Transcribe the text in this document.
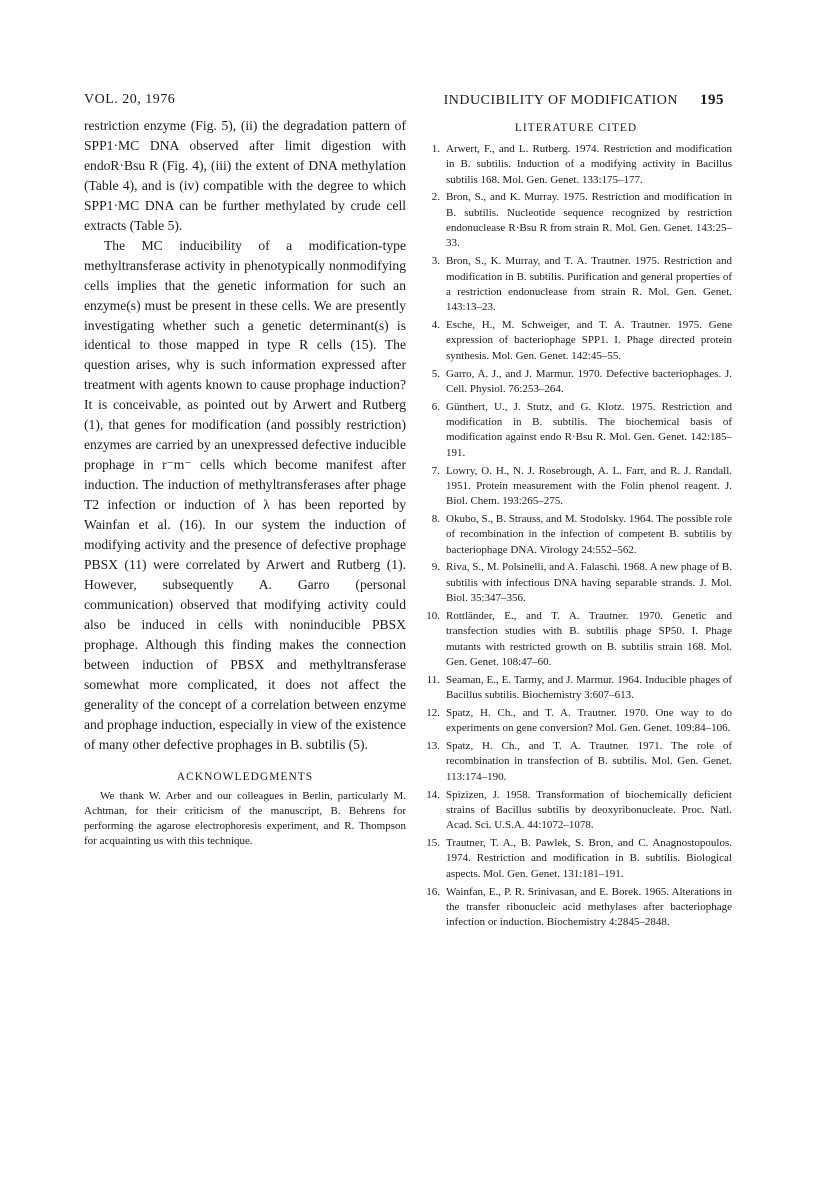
VOL. 20, 1976	INDUCIBILITY OF MODIFICATION 195

restriction enzyme (Fig. 5), (ii) the degradation pattern of SPP1·MC DNA observed after limit digestion with endoR·Bsu R (Fig. 4), (iii) the extent of DNA methylation (Table 4), and is (iv) compatible with the degree to which SPP1·MC DNA can be further methylated by crude cell extracts (Table 5).

The MC inducibility of a modification-type methyltransferase activity in phenotypically nonmodifying cells implies that the genetic information for such an enzyme(s) must be present in these cells. We are presently investigating whether such a genetic determinant(s) is identical to those mapped in type R cells (15). The question arises, why is such information expressed after treatment with agents known to cause prophage induction? It is conceivable, as pointed out by Arwert and Rutberg (1), that genes for modification (and possibly restriction) enzymes are carried by an unexpressed defective inducible prophage in r⁻m⁻ cells which become manifest after induction. The induction of methyltransferases after phage T2 infection or induction of λ has been reported by Wainfan et al. (16). In our system the induction of modifying activity and the presence of defective prophage PBSX (11) were correlated by Arwert and Rutberg (1). However, subsequently A. Garro (personal communication) observed that modifying activity could also be induced in cells with noninducible PBSX prophage. Although this finding makes the connection between induction of PBSX and methyltransferase somewhat more complicated, it does not affect the generality of the concept of a correlation between enzyme and prophage induction, especially in view of the existence of many other defective prophages in B. subtilis (5).

ACKNOWLEDGMENTS

We thank W. Arber and our colleagues in Berlin, particularly M. Achtman, for their criticism of the manuscript, B. Behrens for performing the agarose electrophoresis experiment, and R. Thompson for acquainting us with this technique.

LITERATURE CITED
1. Arwert, F., and L. Rutberg. 1974. Restriction and modification in B. subtilis. Induction of a modifying activity in Bacillus subtilis 168. Mol. Gen. Genet. 133:175–177.
2. Bron, S., and K. Murray. 1975. Restriction and modification in B. subtilis. Nucleotide sequence recognized by restriction endonuclease R·Bsu R from strain R. Mol. Gen. Genet. 143:25–33.
3. Bron, S., K. Murray, and T. A. Trautner. 1975. Restriction and modification in B. subtilis. Purification and general properties of a restriction endonuclease from strain R. Mol. Gen. Genet. 143:13–23.
4. Esche, H., M. Schweiger, and T. A. Trautner. 1975. Gene expression of bacteriophage SPP1. I. Phage directed protein synthesis. Mol. Gen. Genet. 142:45–55.
5. Garro, A. J., and J. Marmur. 1970. Defective bacteriophages. J. Cell. Physiol. 76:253–264.
6. Günthert, U., J. Stutz, and G. Klotz. 1975. Restriction and modification in B. subtilis. The biochemical basis of modification against endo R·Bsu R. Mol. Gen. Genet. 142:185–191.
7. Lowry, O. H., N. J. Rosebrough, A. L. Farr, and R. J. Randall. 1951. Protein measurement with the Folin phenol reagent. J. Biol. Chem. 193:265–275.
8. Okubo, S., B. Strauss, and M. Stodolsky. 1964. The possible role of recombination in the infection of competent B. subtilis by bacteriophage DNA. Virology 24:552–562.
9. Riva, S., M. Polsinelli, and A. Falaschi. 1968. A new phage of B. subtilis with infectious DNA having separable strands. J. Mol. Biol. 35:347–356.
10. Rottländer, E., and T. A. Trautner. 1970. Genetic and transfection studies with B. subtilis phage SP50. I. Phage mutants with restricted growth on B. subtilis strain 168. Mol. Gen. Genet. 108:47–60.
11. Seaman, E., E. Tarmy, and J. Marmur. 1964. Inducible phages of Bacillus subtilis. Biochemistry 3:607–613.
12. Spatz, H. Ch., and T. A. Trautner. 1970. One way to do experiments on gene conversion? Mol. Gen. Genet. 109:84–106.
13. Spatz, H. Ch., and T. A. Trautner. 1971. The role of recombination in transfection of B. subtilis. Mol. Gen. Genet. 113:174–190.
14. Spizizen, J. 1958. Transformation of biochemically deficient strains of Bacillus subtilis by deoxyribonucleate. Proc. Natl. Acad. Sci. U.S.A. 44:1072–1078.
15. Trautner, T. A., B. Pawlek, S. Bron, and C. Anagnostopoulos. 1974. Restriction and modification in B. subtilis. Biological aspects. Mol. Gen. Genet. 131:181–191.
16. Wainfan, E., P. R. Srinivasan, and E. Borek. 1965. Alterations in the transfer ribonucleic acid methylases after bacteriophage infection or induction. Biochemistry 4:2845–2848.
